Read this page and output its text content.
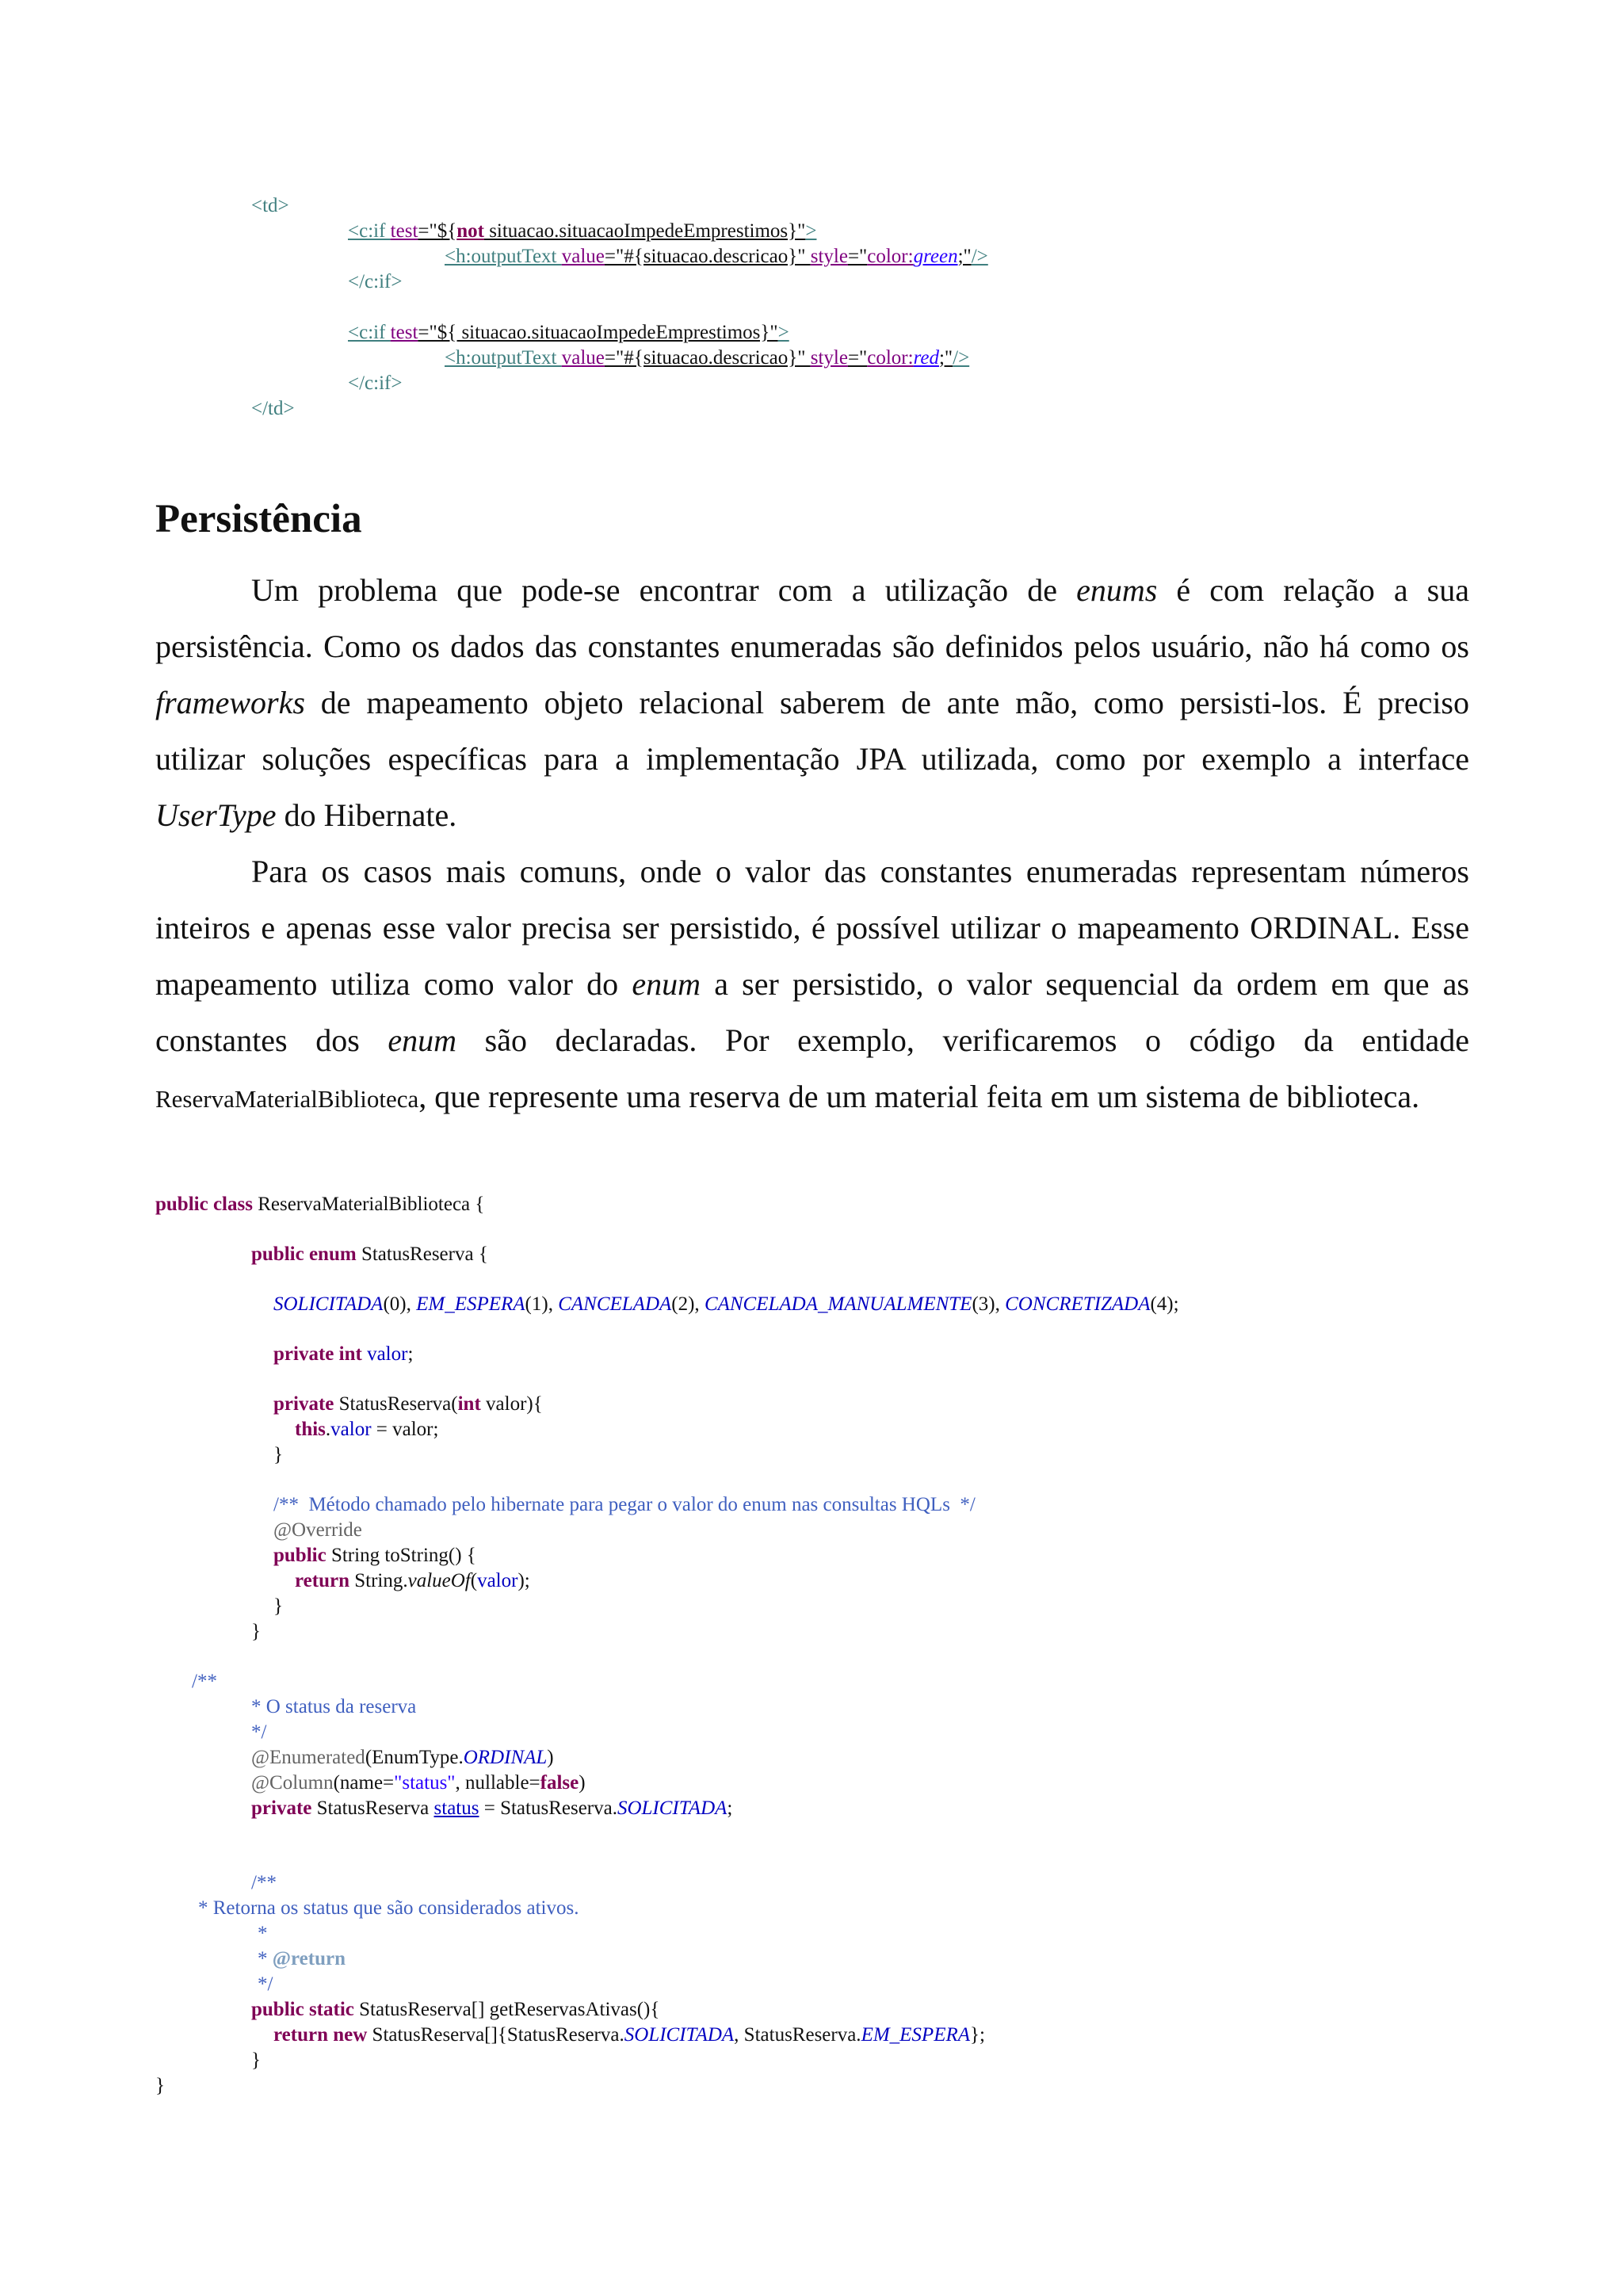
<td>
<c:if test="${not situacao.situacaoImpedeEmprestimos}">
<h:outputText value="#{situacao.descricao}" style="color:green;"/>
</c:if>
<c:if test="${ situacao.situacaoImpedeEmprestimos}">
<h:outputText value="#{situacao.descricao}" style="color:red;"/>
</c:if>
</td>
Persistência

Um problema que pode-se encontrar com a utilização de enums é com relação a sua persistência. Como os dados das constantes enumeradas são definidos pelos usuário, não há como os frameworks de mapeamento objeto relacional saberem de ante mão, como persisti-los. É preciso utilizar soluções específicas para a implementação JPA utilizada, como por exemplo a interface UserType do Hibernate.

Para os casos mais comuns, onde o valor das constantes enumeradas representam números inteiros e apenas esse valor precisa ser persistido, é possível utilizar o mapeamento ORDINAL. Esse mapeamento utiliza como valor do enum a ser persistido, o valor sequencial da ordem em que as constantes dos enum são declaradas. Por exemplo, verificaremos o código da entidade ReservaMaterialBiblioteca, que represente uma reserva de um material feita em um sistema de biblioteca.

public class ReservaMaterialBiblioteca {
public enum StatusReserva {
SOLICITADA(0), EM_ESPERA(1), CANCELADA(2), CANCELADA_MANUALMENTE(3), CONCRETIZADA(4);
private int valor;
private StatusReserva(int valor){
this.valor = valor;
}
/**  Método chamado pelo hibernate para pegar o valor do enum nas consultas HQLs  */
@Override
public String toString() {
return String.valueOf(valor);
}
}
/**
* O status da reserva
*/
@Enumerated(EnumType.ORDINAL)
@Column(name="status", nullable=false)
private StatusReserva status = StatusReserva.SOLICITADA;
/**
* Retorna os status que são considerados ativos.
*
* @return
*/
public static StatusReserva[] getReservasAtivas(){
return new StatusReserva[]{StatusReserva.SOLICITADA, StatusReserva.EM_ESPERA};
}
}
